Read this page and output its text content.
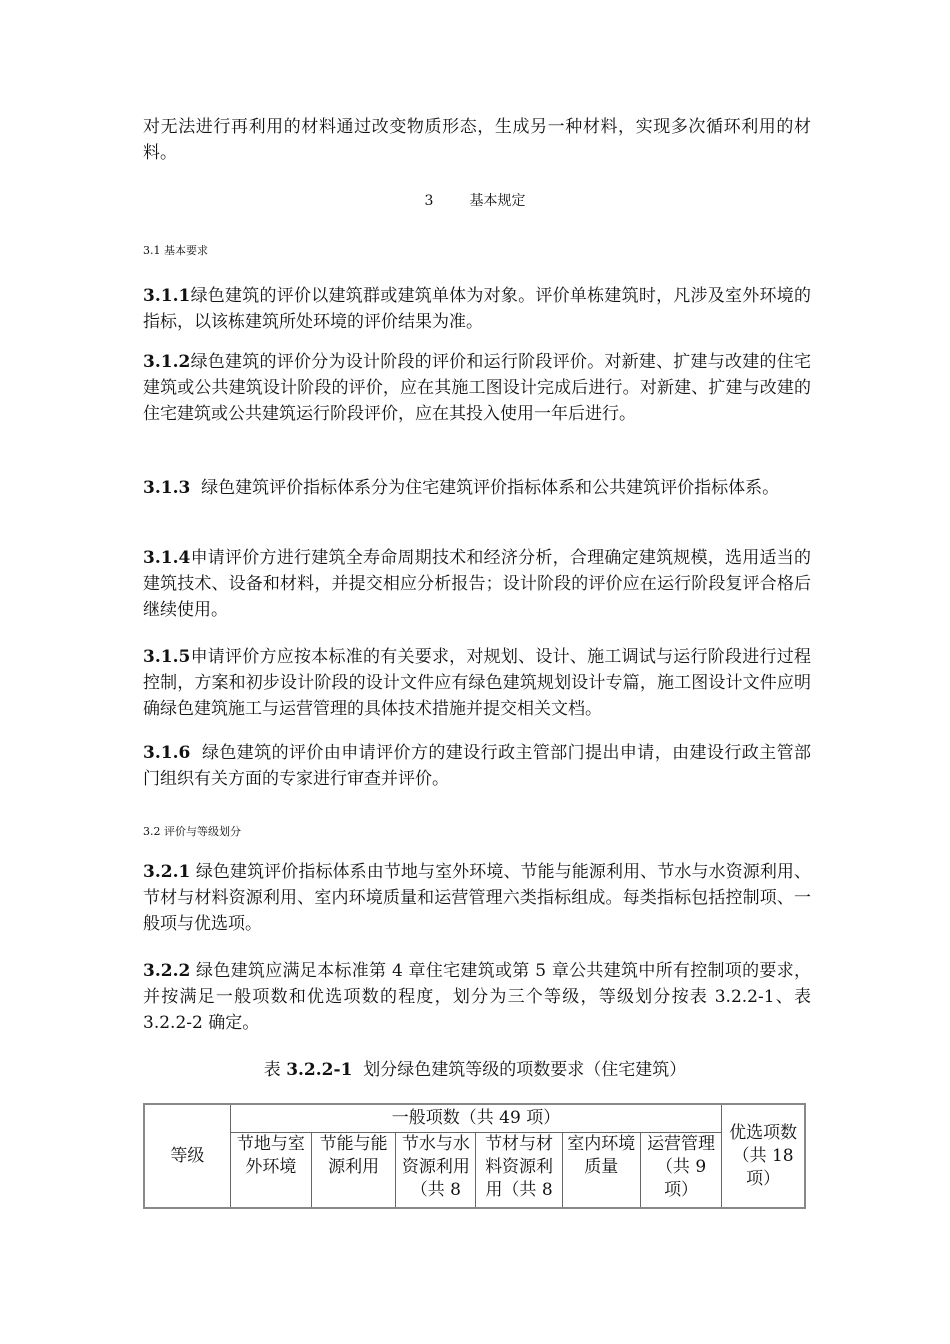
对无法进行再利用的材料通过改变物质形态，生成另一种材料，实现多次循环利用的材料。

3	基本规定
3.1 基本要求

3.1.1绿色建筑的评价以建筑群或建筑单体为对象。评价单栋建筑时，凡涉及室外环境的指标，以该栋建筑所处环境的评价结果为准。

3.1.2绿色建筑的评价分为设计阶段的评价和运行阶段评价。对新建、扩建与改建的住宅建筑或公共建筑设计阶段的评价，应在其施工图设计完成后进行。对新建、扩建与改建的住宅建筑或公共建筑运行阶段评价，应在其投入使用一年后进行。

3.1.3  绿色建筑评价指标体系分为住宅建筑评价指标体系和公共建筑评价指标体系。

3.1.4申请评价方进行建筑全寿命周期技术和经济分析，合理确定建筑规模，选用适当的建筑技术、设备和材料，并提交相应分析报告；设计阶段的评价应在运行阶段复评合格后继续使用。

3.1.5申请评价方应按本标准的有关要求，对规划、设计、施工调试与运行阶段进行过程控制，方案和初步设计阶段的设计文件应有绿色建筑规划设计专篇，施工图设计文件应明确绿色建筑施工与运营管理的具体技术措施并提交相关文档。

3.1.6  绿色建筑的评价由申请评价方的建设行政主管部门提出申请，由建设行政主管部门组织有关方面的专家进行审查并评价。

3.2 评价与等级划分

3.2.1 绿色建筑评价指标体系由节地与室外环境、节能与能源利用、节水与水资源利用、节材与材料资源利用、室内环境质量和运营管理六类指标组成。每类指标包括控制项、一般项与优选项。

3.2.2 绿色建筑应满足本标准第 4 章住宅建筑或第 5 章公共建筑中所有控制项的要求，并按满足一般项数和优选项数的程度，划分为三个等级，等级划分按表 3.2.2-1、表 3.2.2-2 确定。

表 3.2.2-1  划分绿色建筑等级的项数要求（住宅建筑）
等级	一般项数（共 49 项）						优选项数（共 18 项）

	节地与室外环境	节能与能源利用	节水与水资源利用（共 8	节材与材料资源利用（共 8	室内环境质量	运营管理（共 9 项）	
